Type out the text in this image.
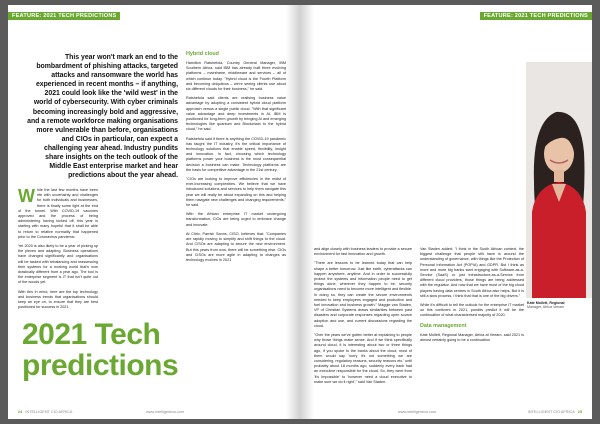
FEATURE: 2021 TECH PREDICTIONS
This year won't mark an end to the bombardment of phishing attacks, targeted attacks and ransomware the world has experienced in recent months – if anything, 2021 could look like the 'wild west' in the world of cybersecurity. With cyber criminals becoming increasingly bold and aggressive, and a remote workforce making organisations more vulnerable than before, organisations and CIOs in particular, can expect a challenging year ahead. Industry pundits share insights on the tech outlook of the Middle East enterprise market and hear predictions about the year ahead.

While the last few months have been rife with uncertainty and challenges for both individuals and businesses, there is finally some light at the end of the tunnel. With COVID-19 vaccines approved and the process of being administering having kicked off, this year is starting with many hopeful that it shall be able to return to relative normality that happened prior to the Coronavirus pandemic.

Yet 2020 is also likely to be a year of picking up the pieces and adapting. Business operations have changed significantly and organisations will be tasked with rebalancing and reassessing their systems for a working world that's now drastically different from a year ago. The tool is the enterprise segment is IT that isn't quite out of the woods yet.

With this in mind, here are the top technology and business trends that organisations should keep an eye on, to ensure that they are best positioned for success in 2021.

Hybrid cloud

Hamilton Ratshefola, Country General Manager, IBM Southern Africa, said IBM has already built three evolving platforms – mainframe, middleware and services – all of which continue today. "Hybrid cloud is the Fourth Platform and becoming ubiquitous – we're seeing clients use about six different clouds for their business," he said.

Ratshefola said clients are realising business value advantage by adopting a consistent hybrid cloud platform approach versus a single public cloud. "With that significant value advantage and deep investments in AI, IBM is positioned for long-term growth by bringing AI and emerging technologies like quantum and Blockchain to the hybrid cloud," he said.

Ratshefola said if there is anything the COVID-19 pandemic has taught the IT industry, it's the critical importance of technology solutions that enable speed, flexibility, insight and innovation. In fact, choosing which technology platforms power your business is the most consequential decision a business can make. Technology platforms are the basis for competitive advantage in the 21st century.

"CIOs are looking to improve efficiencies in the midst of ever-increasing complexities. We believe that we have introduced solutions and services to help them navigate this year we will really be about expanding on this and helping them navigate new challenges and changing requirements," he said.

With the African enterprise IT market undergoing transformation, CIOs are being urged to embrace change and innovate.

At Citrix, Parrish Sanns, CISO, believes that: "Companies are rapidly moving to simplify and shift things to the cloud. And CISOs are adapting to secure the new environment. But this years from now, there will be something else. CIOs and CISOs are more agile in adapting to changes as technology evolves in 2021

2021 Tech predictions
24 INTELLIGENT CIO AFRICA	www.intelligentcio.com
FEATURE: 2021 TECH PREDICTIONS

and align closely with business leaders to provide a secure environment for fast innovation and growth.

"There are lessons to be learned today that can help shape a better tomorrow. Just like earth, cyberattacks can happen anywhere, anytime. And in order to successfully protect the systems and information people need to get things done, wherever they happen to be, security organisations need to become more intelligent and flexible. In doing so, they can create the secure environments needed to keep employees engaged and productive and fuel innovation and business growth." Maggie van Staden, VP of Christian Systems draws similarities between past disasters and corporate responses regarding open source adoption and use, and current discussions regarding the cloud.

"Over the years we've gotten better at explaining to people why those things make sense. And if we think specifically around cloud, it is interesting about two or three things ago, if you spoke to the banks about the cloud, most of them would say 'sorry it's not something we are considering, regulatory reasons, security reasons etc.' until probably about 18 months ago, suddenly every bank had an executive responsible for the cloud. So, they went from 'it's impossible' to 'however need a cloud executive to make sure we do it right'," said Van Staden.

Van Staden added: "I think in the South African context, the biggest challenge that people still have is around the understanding of governance, with things like the Protection of Personal Information Act (POPIA) and GDPR. But I think as more and more big banks start engaging with Software-as-a-Service (SaaS) or just infrastructure-as-a-Service from different cloud providers, those things are being addressed with the regulator. And now that we have most of the big cloud players having data centres in South Africa also helps. But it is still a slow process, I think that that is one of the big drivers."

While it's difficult to tell the outlook for the enterprise IT market on this continent in 2021, pundits predict it will be the continuation of what characterised majority of 2020.

Data management

Kate Mollett, Regional Manager, Africa at Veeam, said 2021 is almost certainly going to be a continuation

Kate Mollett, Regional
Manager, Africa Veeam
www.intelligentcio.com	INTELLIGENT CIO AFRICA 25
